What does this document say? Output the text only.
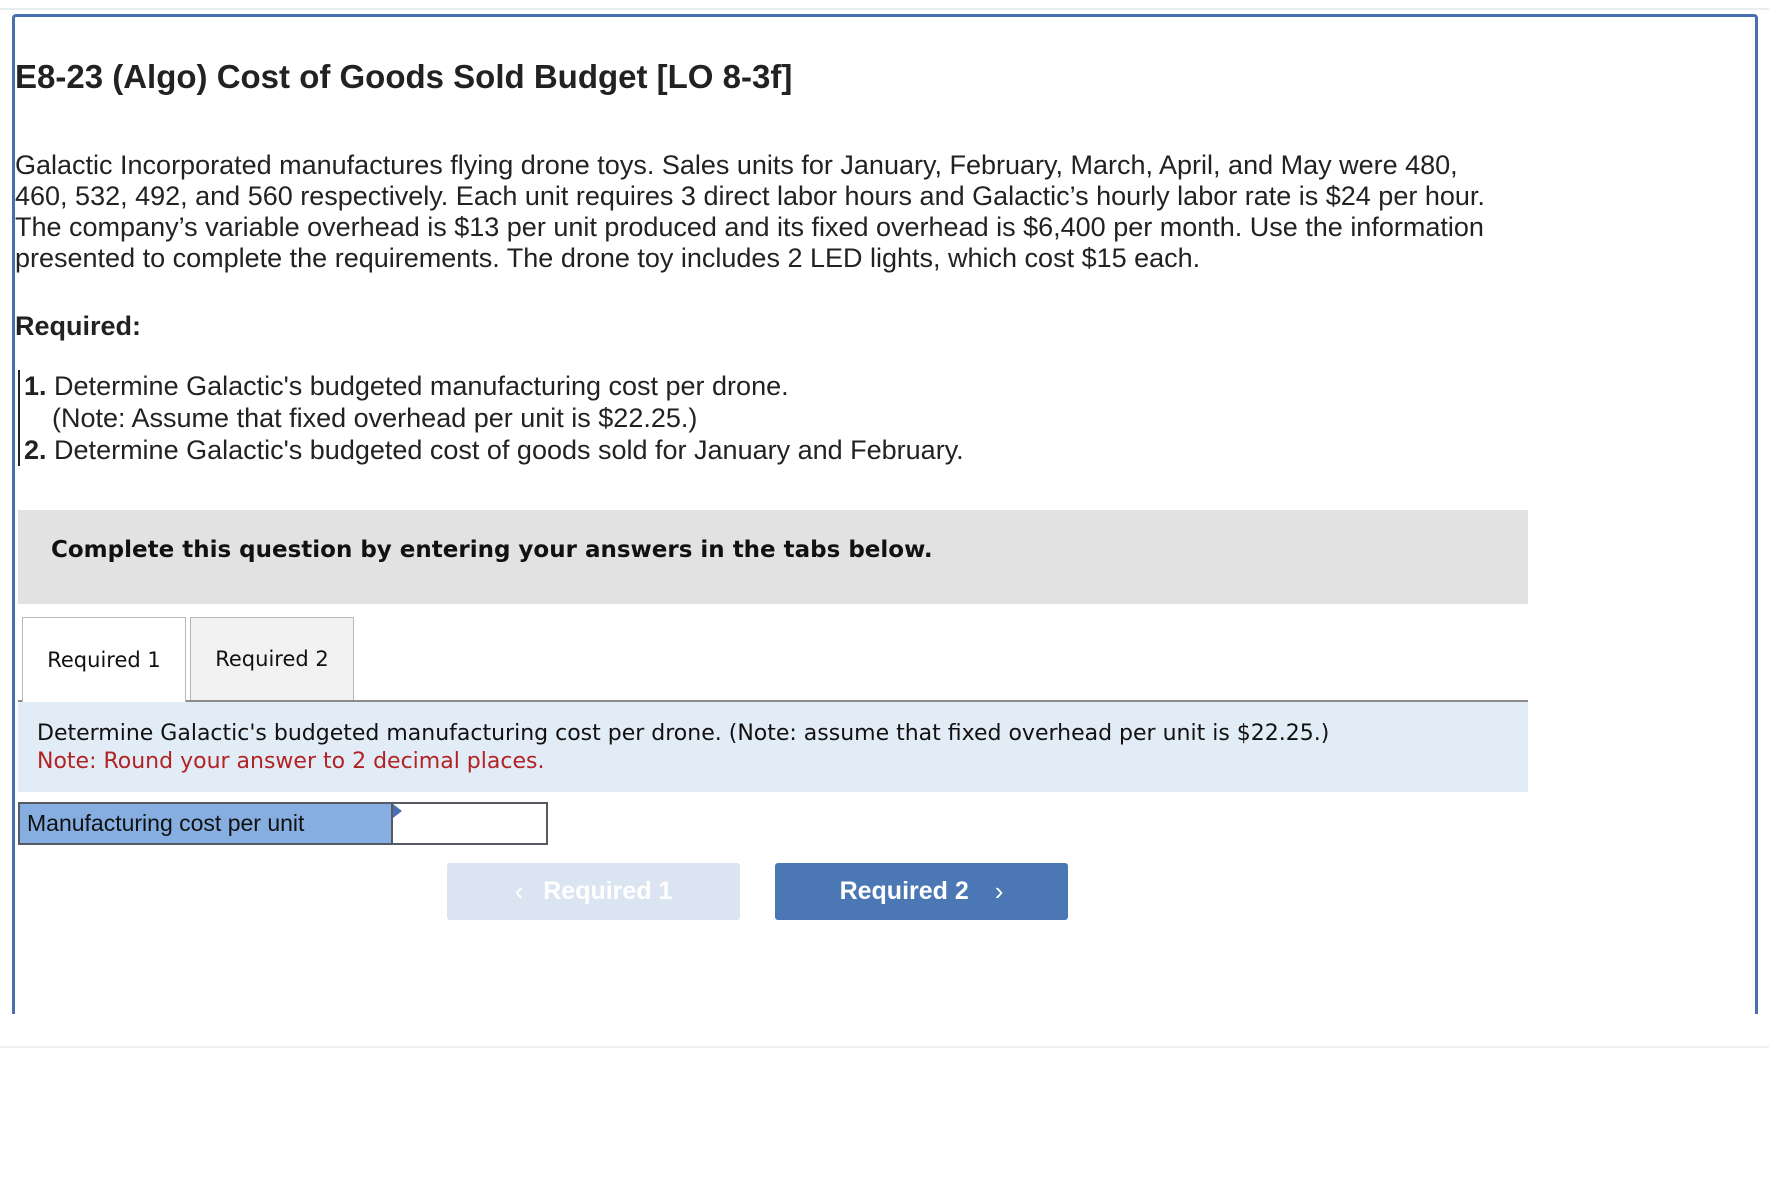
E8-23 (Algo) Cost of Goods Sold Budget [LO 8-3f]
Galactic Incorporated manufactures flying drone toys. Sales units for January, February, March, April, and May were 480,
460, 532, 492, and 560 respectively. Each unit requires 3 direct labor hours and Galactic’s hourly labor rate is $24 per hour.
The company’s variable overhead is $13 per unit produced and its fixed overhead is $6,400 per month. Use the information
presented to complete the requirements. The drone toy includes 2 LED lights, which cost $15 each.
Required:
1. Determine Galactic's budgeted manufacturing cost per drone.
(Note: Assume that fixed overhead per unit is $22.25.)
2. Determine Galactic's budgeted cost of goods sold for January and February.
Complete this question by entering your answers in the tabs below.
Required 1	Required 2
Determine Galactic's budgeted manufacturing cost per drone. (Note: assume that fixed overhead per unit is $22.25.)
Note: Round your answer to 2 decimal places.
Manufacturing cost per unit
‹ Required 1	Required 2 ›
